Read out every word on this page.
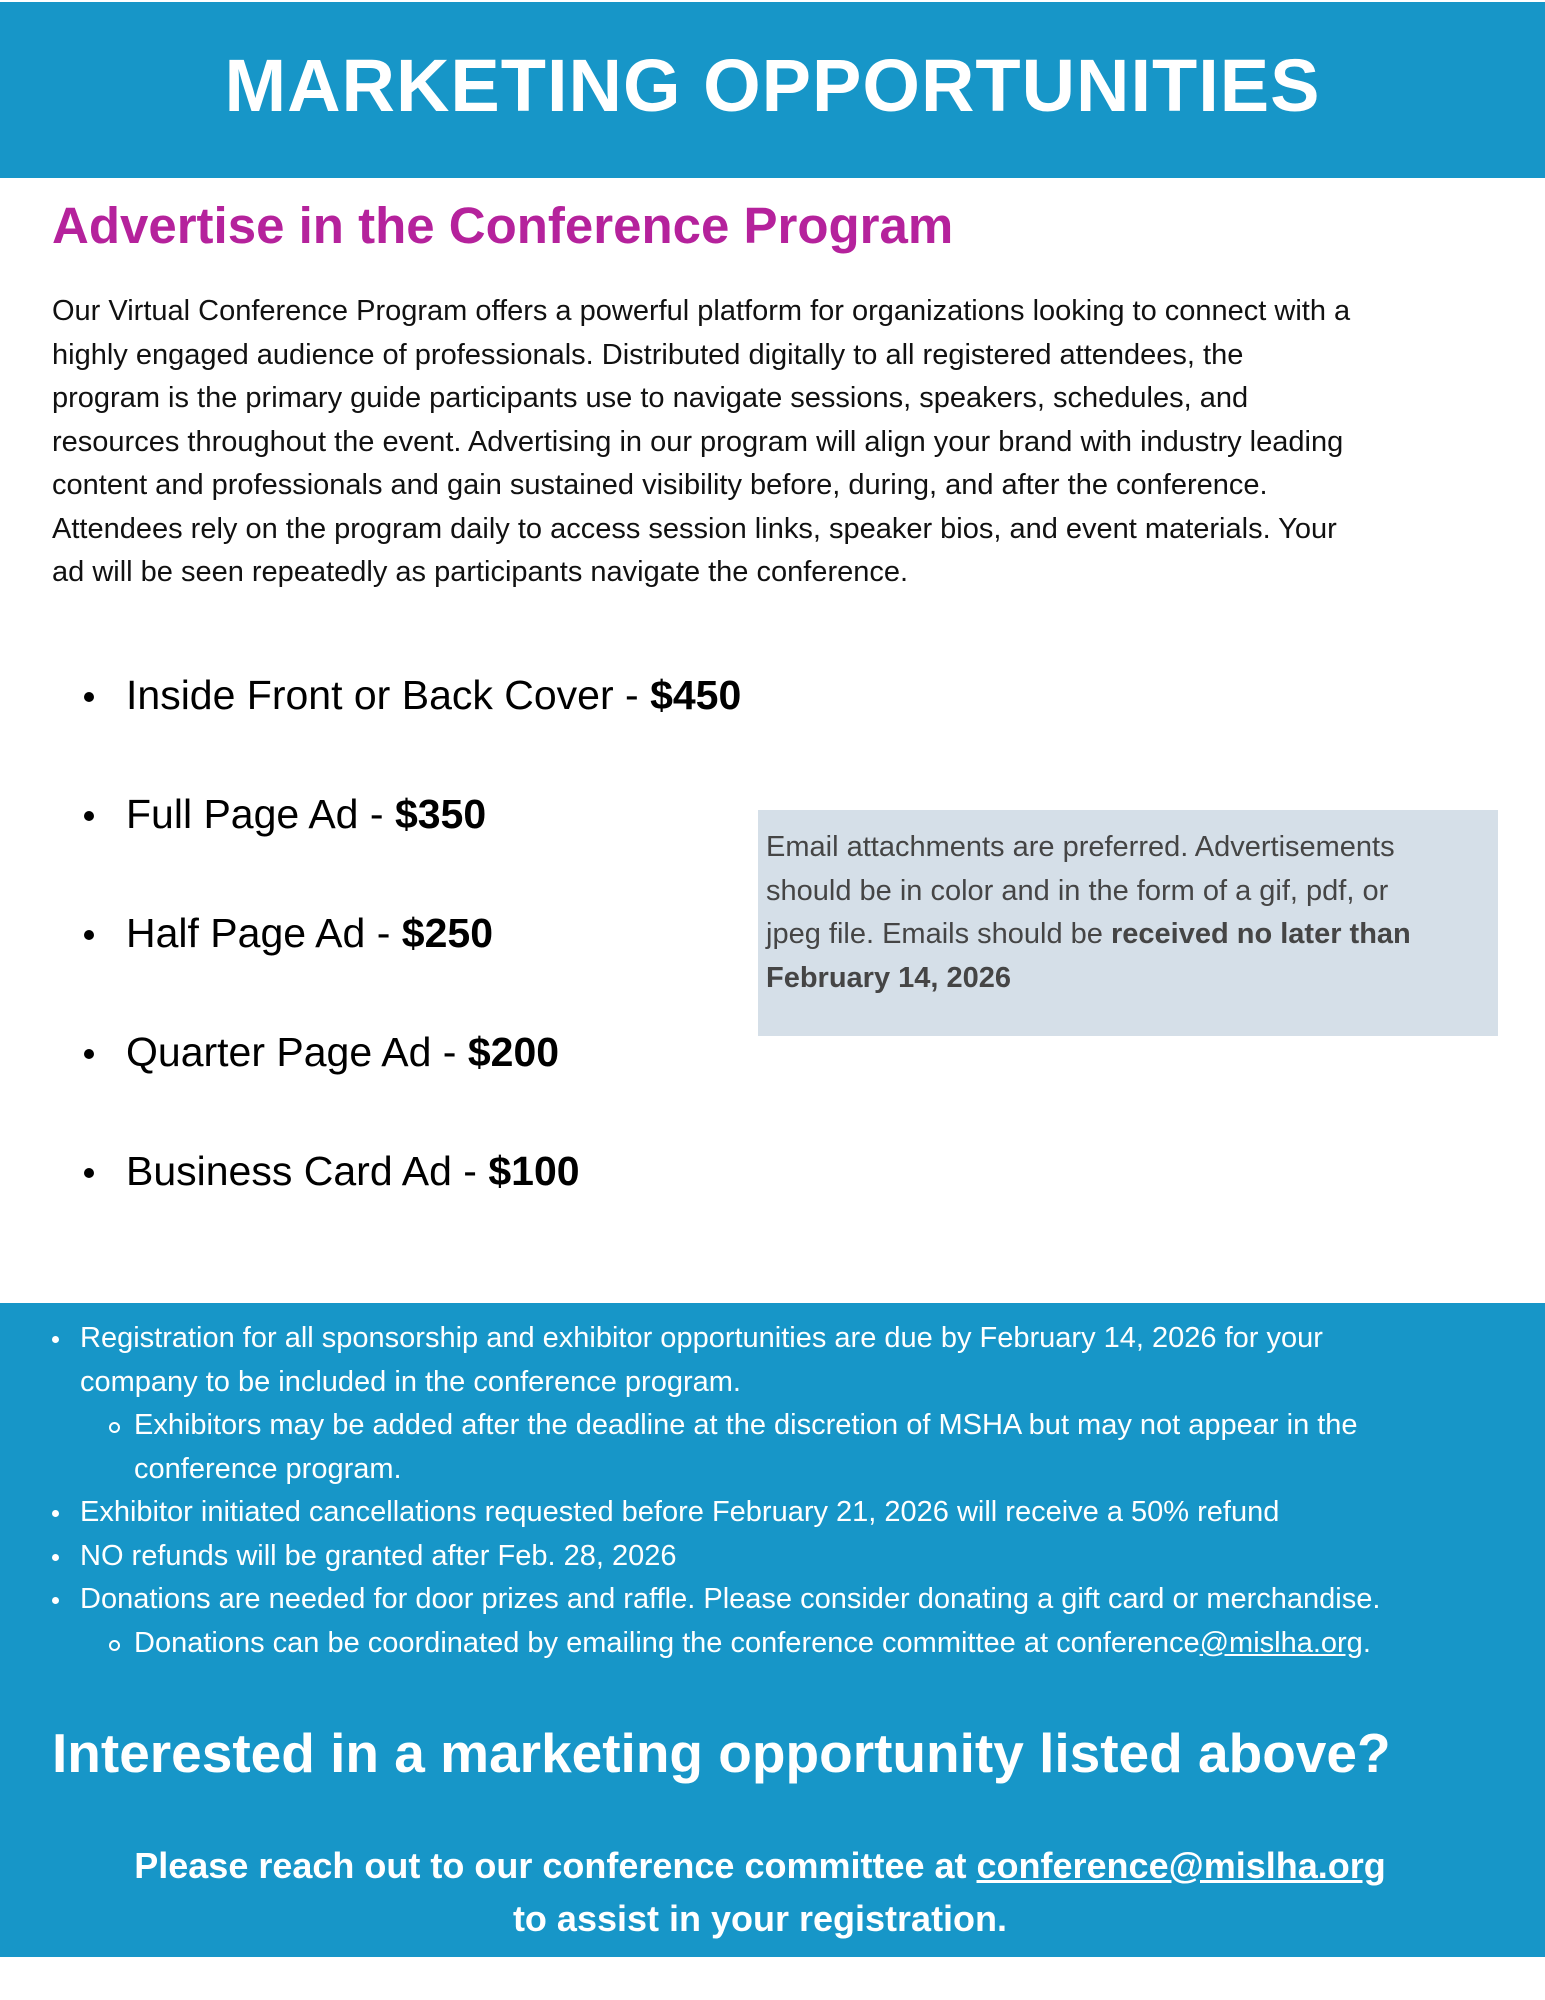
MARKETING OPPORTUNITIES
Advertise in the Conference Program
Our Virtual Conference Program offers a powerful platform for organizations looking to connect with a
highly engaged audience of professionals. Distributed digitally to all registered attendees, the
program is the primary guide participants use to navigate sessions, speakers, schedules, and
resources throughout the event. Advertising in our program will align your brand with industry leading
content and professionals and gain sustained visibility before, during, and after the conference.
Attendees rely on the program daily to access session links, speaker bios, and event materials. Your
ad will be seen repeatedly as participants navigate the conference.
Inside Front or Back Cover - $450
Full Page Ad - $350
Half Page Ad - $250
Quarter Page Ad - $200
Business Card Ad - $100
Email attachments are preferred. Advertisements
should be in color and in the form of a gif, pdf, or
jpeg file. Emails should be received no later than
February 14, 2026
Registration for all sponsorship and exhibitor opportunities are due by February 14, 2026 for your
company to be included in the conference program.
Exhibitors may be added after the deadline at the discretion of MSHA but may not appear in the
conference program.
Exhibitor initiated cancellations requested before February 21, 2026 will receive a 50% refund
NO refunds will be granted after Feb. 28, 2026
Donations are needed for door prizes and raffle. Please consider donating a gift card or merchandise.
Donations can be coordinated by emailing the conference committee at conference@mislha.org.
Interested in a marketing opportunity listed above?
Please reach out to our conference committee at conference@mislha.org
to assist in your registration.
